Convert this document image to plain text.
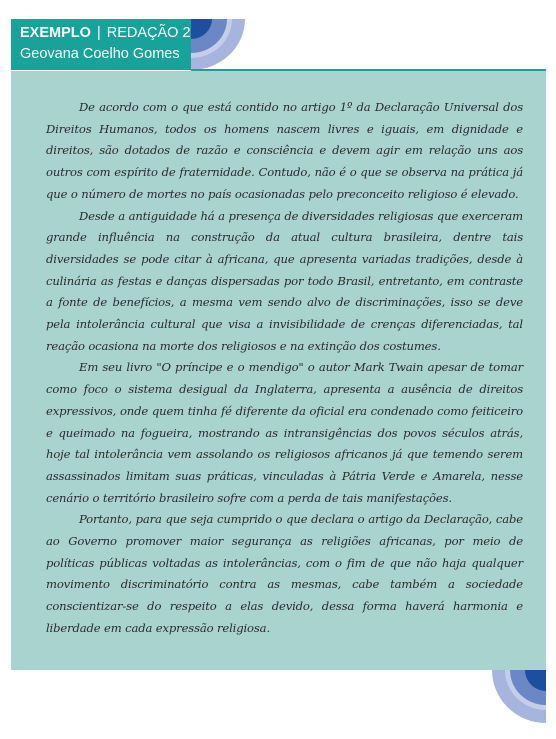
EXEMPLO | REDAÇÃO 2
Geovana Coelho Gomes

De acordo com o que está contido no artigo 1º da Declaração Universal dos Direitos Humanos, todos os homens nascem livres e iguais, em dignidade e direitos, são dotados de razão e consciência e devem agir em relação uns aos outros com espírito de fraternidade. Contudo, não é o que se observa na prática já que o número de mortes no país ocasionadas pelo preconceito religioso é elevado.

Desde a antiguidade há a presença de diversidades religiosas que exerceram grande influência na construção da atual cultura brasileira, dentre tais diversidades se pode citar à africana, que apresenta variadas tradições, desde à culinária as festas e danças dispersadas por todo Brasil, entretanto, em contraste a fonte de benefícios, a mesma vem sendo alvo de discriminações, isso se deve pela intolerância cultural que visa a invisibilidade de crenças diferenciadas, tal reação ocasiona na morte dos religiosos e na extinção dos costumes.

Em seu livro "O príncipe e o mendigo" o autor Mark Twain apesar de tomar como foco o sistema desigual da Inglaterra, apresenta a ausência de direitos expressivos, onde quem tinha fé diferente da oficial era condenado como feiticeiro e queimado na fogueira, mostrando as intransigências dos povos séculos atrás, hoje tal intolerância vem assolando os religiosos africanos já que temendo serem assassinados limitam suas práticas, vinculadas à Pátria Verde e Amarela, nesse cenário o território brasileiro sofre com a perda de tais manifestações.

Portanto, para que seja cumprido o que declara o artigo da Declaração, cabe ao Governo promover maior segurança as religiões africanas, por meio de políticas públicas voltadas as intolerâncias, com o fim de que não haja qualquer movimento discriminatório contra as mesmas, cabe também a sociedade conscientizar-se do respeito a elas devido, dessa forma haverá harmonia e liberdade em cada expressão religiosa.
